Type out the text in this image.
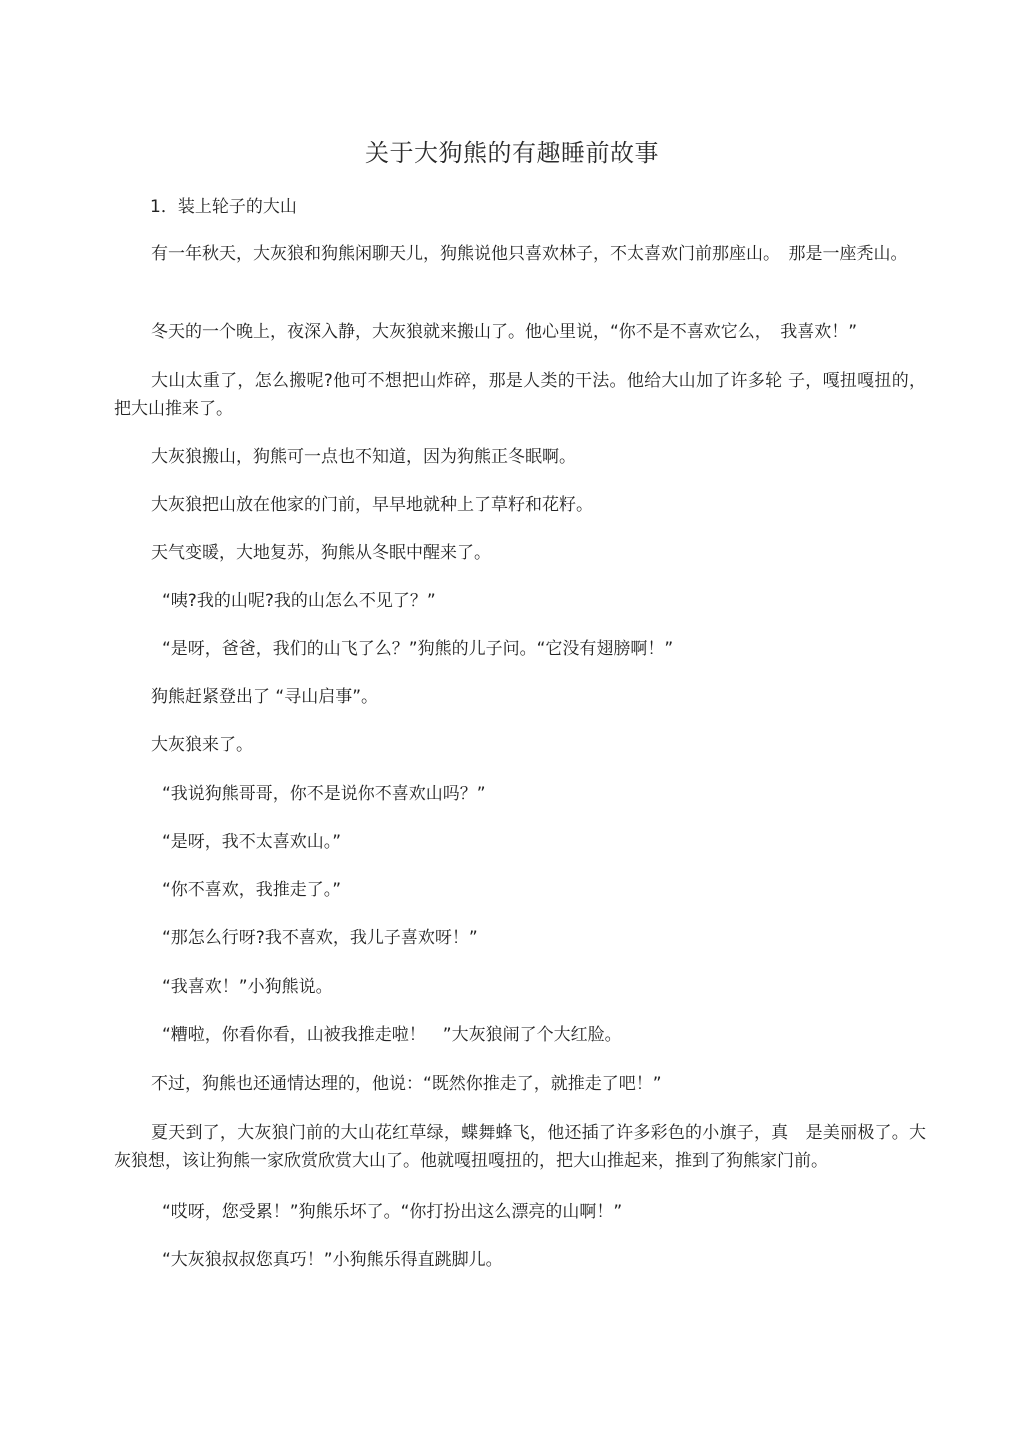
关于大狗熊的有趣睡前故事
1．装上轮子的大山

有一年秋天，大灰狼和狗熊闲聊天儿，狗熊说他只喜欢林子，不太喜欢门前那座山。　那是一座秃山。

冬天的一个晚上，夜深入静，大灰狼就来搬山了。他心里说，“你不是不喜欢它么，　我喜欢！”

大山太重了，怎么搬呢?他可不想把山炸碎，那是人类的干法。他给大山加了许多轮 子，嘎扭嘎扭的，把大山推来了。

大灰狼搬山，狗熊可一点也不知道，因为狗熊正冬眠啊。

大灰狼把山放在他家的门前，早早地就种上了草籽和花籽。

天气变暖，大地复苏，狗熊从冬眠中醒来了。

“咦?我的山呢?我的山怎么不见了？”

“是呀，爸爸，我们的山飞了么？”狗熊的儿子问。“它没有翅膀啊！”

狗熊赶紧登出了 “寻山启事”。

大灰狼来了。

“我说狗熊哥哥，你不是说你不喜欢山吗？”

“是呀，我不太喜欢山。”

“你不喜欢，我推走了。”

“那怎么行呀?我不喜欢，我儿子喜欢呀！”

“我喜欢！”小狗熊说。

“糟啦，你看你看，山被我推走啦！　”大灰狼闹了个大红脸。

不过，狗熊也还通情达理的，他说：“既然你推走了，就推走了吧！”

夏天到了，大灰狼门前的大山花红草绿，蝶舞蜂飞，他还插了许多彩色的小旗子，真　是美丽极了。大灰狼想，该让狗熊一家欣赏欣赏大山了。他就嘎扭嘎扭的，把大山推起来，推到了狗熊家门前。

“哎呀，您受累！”狗熊乐坏了。“你打扮出这么漂亮的山啊！”

“大灰狼叔叔您真巧！”小狗熊乐得直跳脚儿。
